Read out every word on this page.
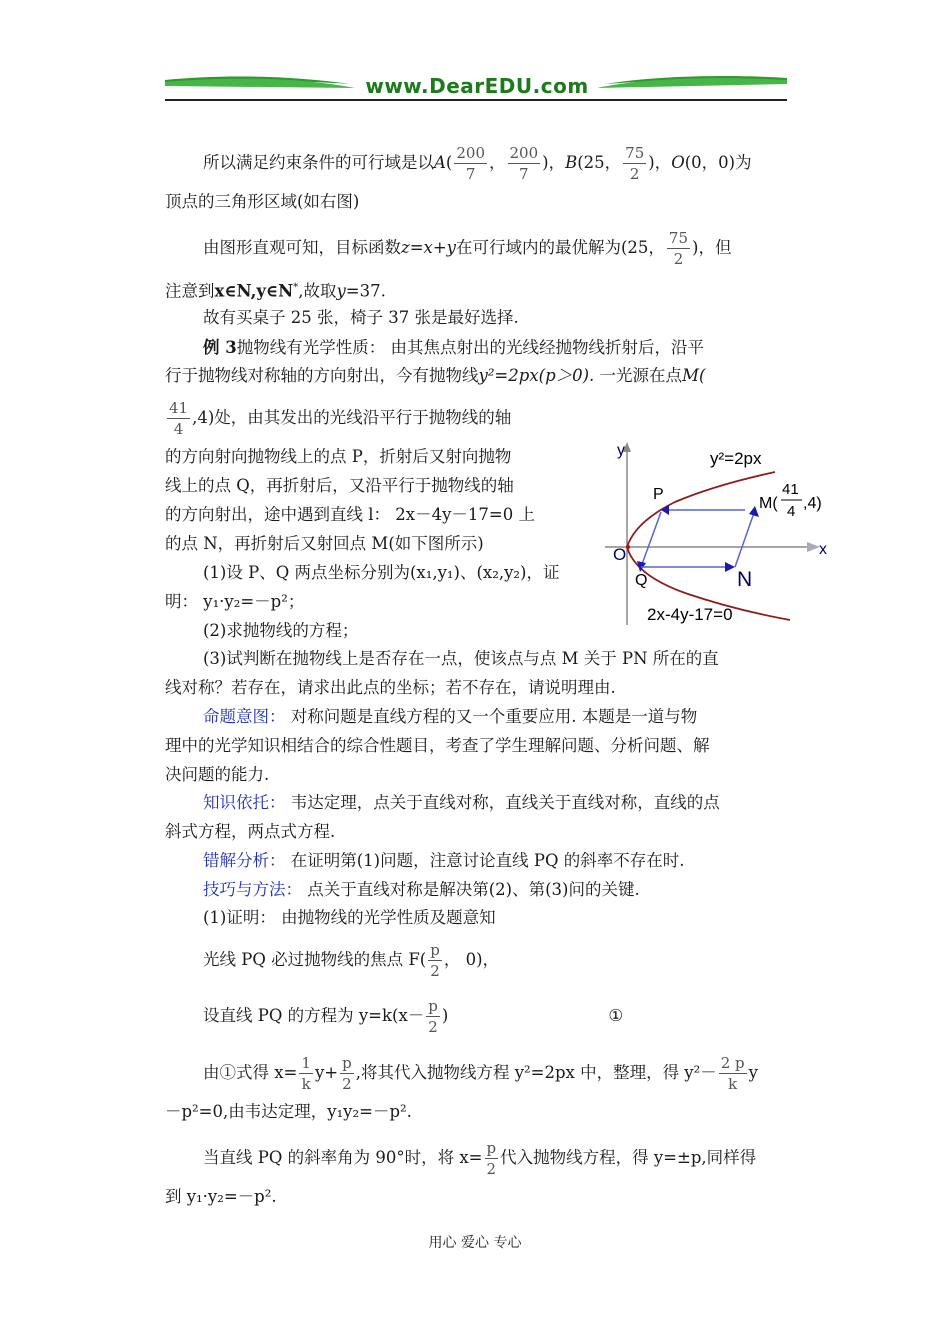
www.DearEDU.com
所以满足约束条件的可行域是以$A( \frac{200}{7}$ ， $\frac{200}{7}$ )，B(25， $\frac{75}{2}$ )，O(0，0)为
顶点的三角形区域(如右图)
由图形直观可知，目标函数z=x+y在可行域内的最优解为(25， $\frac{75}{2}$ )，但
注意到x∈N,y∈N*,故取y=37.
故有买桌子 25 张，椅子 37 张是最好选择.
例 3抛物线有光学性质： 由其焦点射出的光线经抛物线折射后，沿平
行于抛物线对称轴的方向射出，今有抛物线y²=2px(p＞0). 一光源在点M(
$\frac{41}{4} ,4$)处，由其发出的光线沿平行于抛物线的轴
的方向射向抛物线上的点 P，折射后又射向抛物
线上的点 Q，再折射后，又沿平行于抛物线的轴
的方向射出，途中遇到直线 l： 2x－4y－17=0 上
的点 N，再折射后又射回点 M(如下图所示)
(1)设 P、Q 两点坐标分别为(x₁,y₁)、(x₂,y₂)，证
明： y₁·y₂=－p²；
(2)求抛物线的方程；
(3)试判断在抛物线上是否存在一点，使该点与点 M 关于 PN 所在的直
线对称？若存在，请求出此点的坐标；若不存在，请说明理由.
命题意图： 对称问题是直线方程的又一个重要应用. 本题是一道与物
理中的光学知识相结合的综合性题目，考查了学生理解问题、分析问题、解
决问题的能力.
知识依托： 韦达定理，点关于直线对称，直线关于直线对称，直线的点
斜式方程，两点式方程.
错解分析： 在证明第(1)问题，注意讨论直线 PQ 的斜率不存在时.
技巧与方法： 点关于直线对称是解决第(2)、第(3)问的关键.
(1)证明： 由抛物线的光学性质及题意知
光线 PQ 必过抛物线的焦点 $F( \frac{p}{2}$ ， 0)，
设直线 PQ 的方程为 $y=k(x- \frac{p}{2}$ )	①
由①式得 $x= \frac{1}{k} y+ \frac{p}{2}$ ,将其代入抛物线方程 y²=2px 中，整理，得 $y^2- \frac{2 p}{k}$ y
－p²=0,由韦达定理，y₁y₂=－p².
当直线 PQ 的斜率角为 90°时，将 $x= \frac{p}{2}$ 代入抛物线方程，得 y=±p,同样得
到 y₁·y₂=－p².
y
x
O
y²=2px
P
Q	N
M(
41
4 ,4)
2x-4y-17=0
用心 爱心 专心
